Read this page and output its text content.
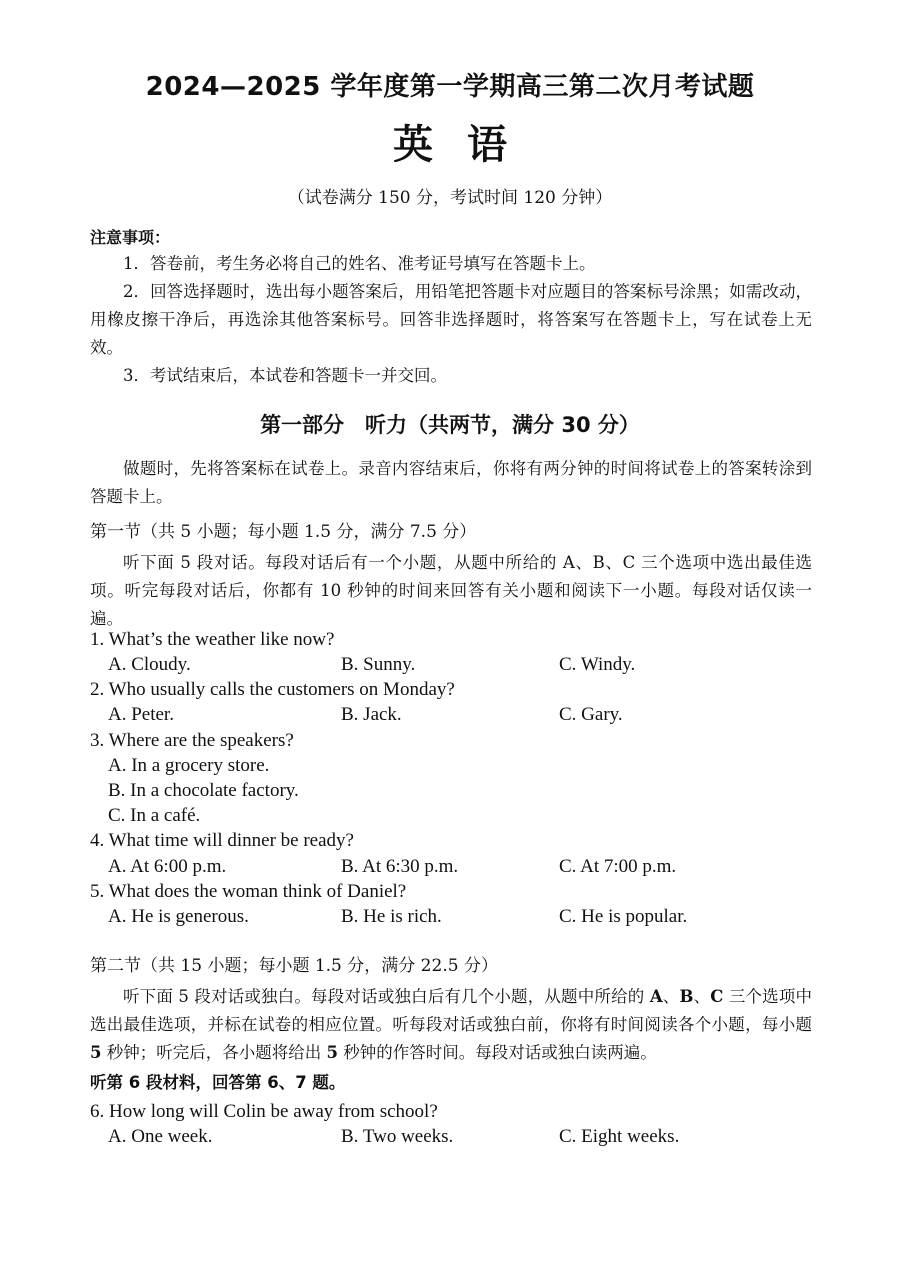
2024—2025 学年度第一学期高三第二次月考试题
英语
（试卷满分 150 分，考试时间 120 分钟）
注意事项：
1．答卷前，考生务必将自己的姓名、准考证号填写在答题卡上。
2．回答选择题时，选出每小题答案后，用铅笔把答题卡对应题目的答案标号涂黑；如需改动，用橡皮擦干净后，再选涂其他答案标号。回答非选择题时，将答案写在答题卡上，写在试卷上无效。
3．考试结束后，本试卷和答题卡一并交回。
第一部分　听力（共两节，满分 30 分）
做题时，先将答案标在试卷上。录音内容结束后，你将有两分钟的时间将试卷上的答案转涂到答题卡上。
第一节（共 5 小题；每小题 1.5 分，满分 7.5 分）
听下面 5 段对话。每段对话后有一个小题，从题中所给的 A、B、C 三个选项中选出最佳选项。听完每段对话后，你都有 10 秒钟的时间来回答有关小题和阅读下一小题。每段对话仅读一遍。
1. What’s the weather like now?
A. Cloudy.	B. Sunny.	C. Windy.
2. Who usually calls the customers on Monday?
A. Peter.	B. Jack.	C. Gary.
3. Where are the speakers?
A. In a grocery store.
B. In a chocolate factory.
C. In a café.
4. What time will dinner be ready?
A. At 6:00 p.m.	B. At 6:30 p.m.	C. At 7:00 p.m.
5. What does the woman think of Daniel?
A. He is generous.	B. He is rich.	C. He is popular.
第二节（共 15 小题；每小题 1.5 分，满分 22.5 分）
听下面 5 段对话或独白。每段对话或独白后有几个小题，从题中所给的 A、B、C 三个选项中选出最佳选项，并标在试卷的相应位置。听每段对话或独白前，你将有时间阅读各个小题，每小题 5 秒钟；听完后，各小题将给出 5 秒钟的作答时间。每段对话或独白读两遍。
听第 6 段材料，回答第 6、7 题。
6. How long will Colin be away from school?
A. One week.	B. Two weeks.	C. Eight weeks.
